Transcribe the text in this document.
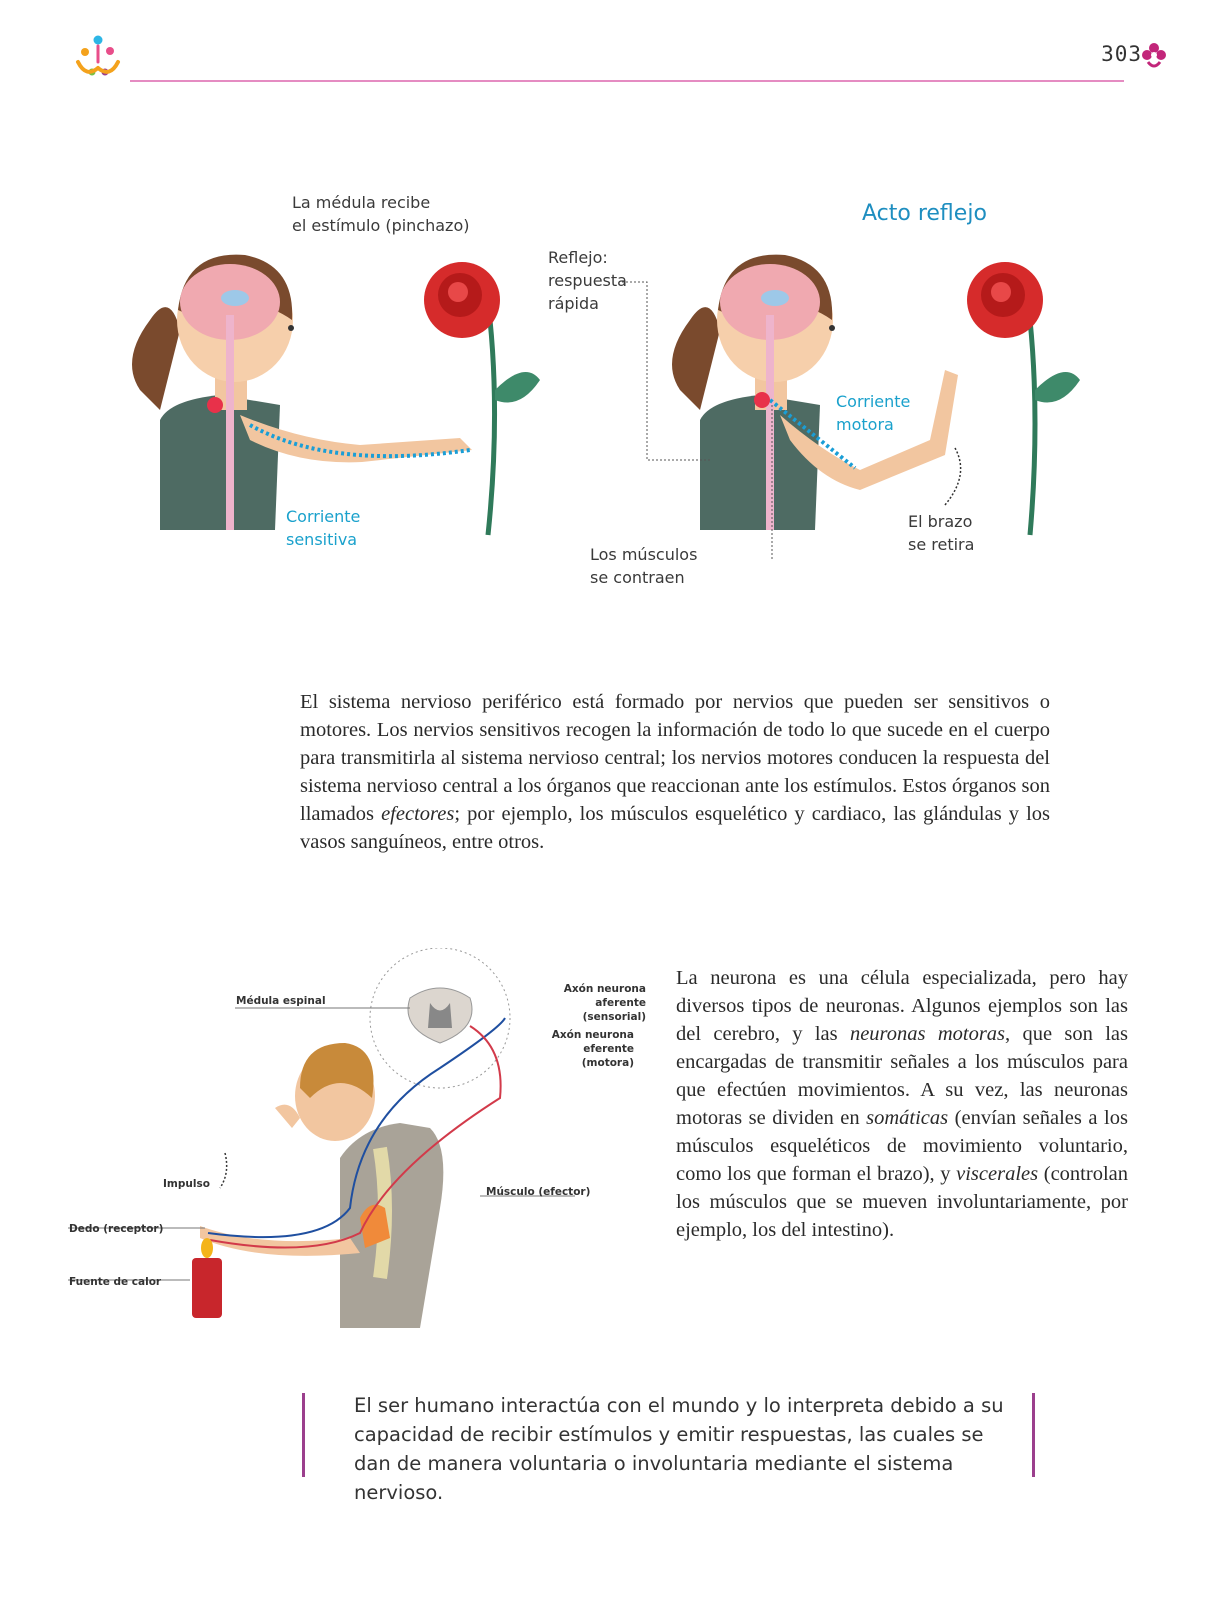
303
La médula recibe
el estímulo (pinchazo)
Corriente
sensitiva
Acto reflejo
Reflejo:
respuesta
rápida
Corriente
motora
Los músculos
se contraen
El brazo
se retira
El sistema nervioso periférico está formado por nervios que pueden ser sensitivos o motores. Los nervios sensitivos recogen la información de todo lo que sucede en el cuerpo para transmitirla al sistema nervioso central; los nervios motores conducen la respuesta del sistema nervioso central a los órganos que reaccionan ante los estímulos. Estos órganos son llamados efectores; por ejemplo, los músculos esquelético y cardiaco, las glándulas y los vasos sanguíneos, entre otros.
Médula espinal
Axón neurona
aferente (sensorial)
Axón neurona
eferente (motora)
Impulso
Músculo (efector)
Dedo (receptor)
Fuente de calor
La neurona es una célula especializada, pero hay diversos tipos de neuronas. Algunos ejemplos son las del cerebro, y las neuronas motoras, que son las encargadas de transmitir señales a los músculos para que efectúen movimientos. A su vez, las neuronas motoras se dividen en somáticas (envían señales a los músculos esqueléticos de movimiento voluntario, como los que forman el brazo), y viscerales (controlan los músculos que se mueven involuntariamente, por ejemplo, los del intestino).
El ser humano interactúa con el mundo y lo interpreta debido a su capacidad de recibir estímulos y emitir respuestas, las cuales se dan de manera voluntaria o involuntaria mediante el sistema nervioso.
